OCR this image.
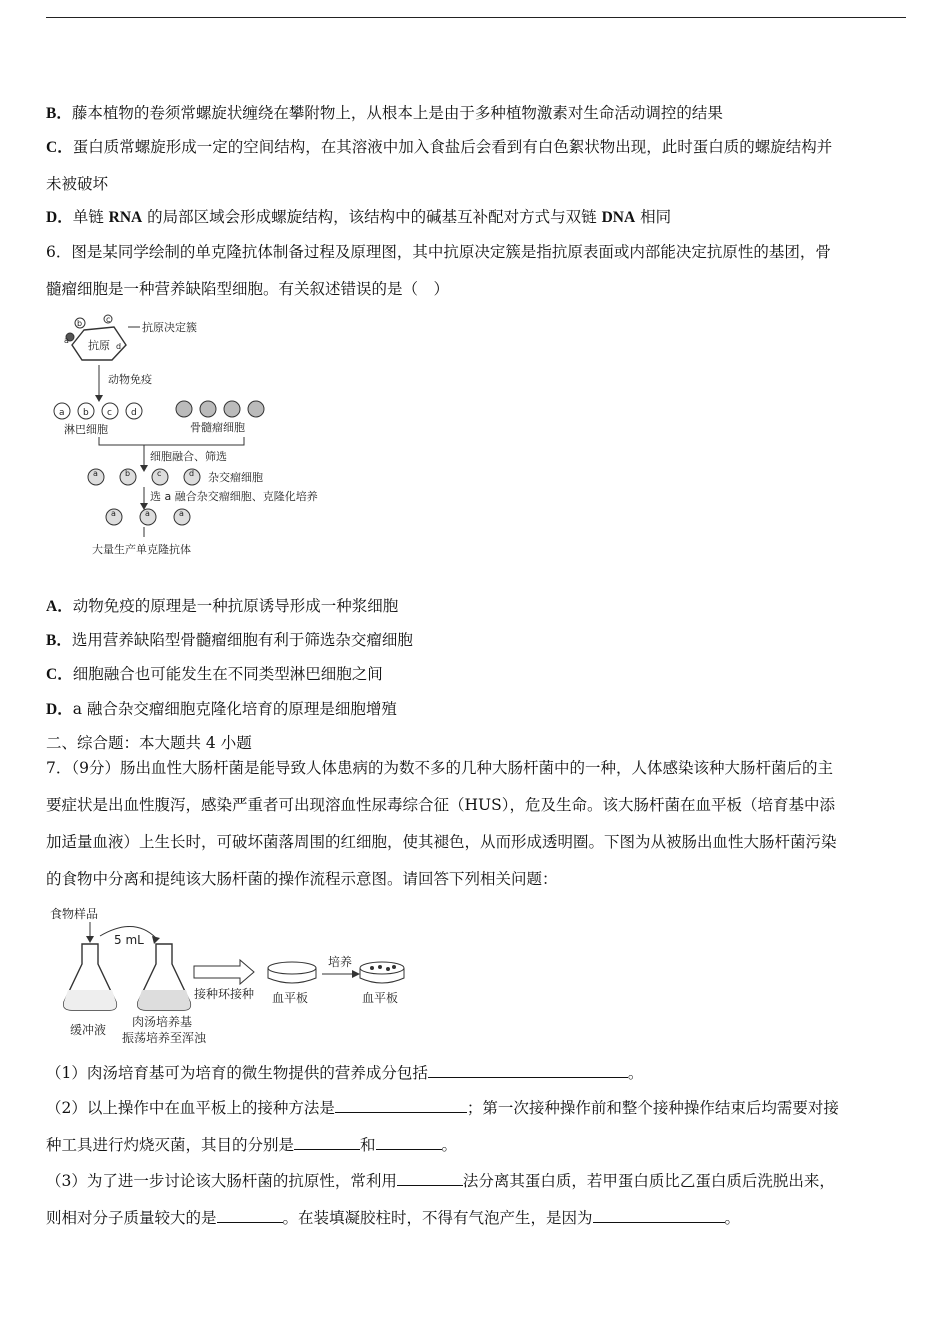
B．藤本植物的卷须常螺旋状缠绕在攀附物上，从根本上是由于多种植物激素对生命活动调控的结果
C．蛋白质常螺旋形成一定的空间结构，在其溶液中加入食盐后会看到有白色絮状物出现，此时蛋白质的螺旋结构并
未被破坏
D．单链 RNA 的局部区域会形成螺旋结构，该结构中的碱基互补配对方式与双链 DNA 相同
6．图是某同学绘制的单克隆抗体制备过程及原理图，其中抗原决定簇是指抗原表面或内部能决定抗原性的基团，骨
髓瘤细胞是一种营养缺陷型细胞。有关叙述错误的是（　）
抗原
b	c
a
d
抗原决定簇
动物免疫
a b c d
淋巴细胞	骨髓瘤细胞
细胞融合、筛选
a	b	c	d 杂交瘤细胞
选 a 融合杂交瘤细胞、克隆化培养
a	a	a
大量生产单克隆抗体
A．动物免疫的原理是一种抗原诱导形成一种浆细胞
B．选用营养缺陷型骨髓瘤细胞有利于筛选杂交瘤细胞
C．细胞融合也可能发生在不同类型淋巴细胞之间
D．a 融合杂交瘤细胞克隆化培育的原理是细胞增殖
二、综合题：本大题共 4 小题
7．（9分）肠出血性大肠杆菌是能导致人体患病的为数不多的几种大肠杆菌中的一种，人体感染该种大肠杆菌后的主
要症状是出血性腹泻，感染严重者可出现溶血性尿毒综合征（HUS），危及生命。该大肠杆菌在血平板（培育基中添
加适量血液）上生长时，可破坏菌落周围的红细胞，使其褪色，从而形成透明圈。下图为从被肠出血性大肠杆菌污染
的食物中分离和提纯该大肠杆菌的操作流程示意图。请回答下列相关问题：
食物样品
缓冲液
5 mL
肉汤培养基
振荡培养至浑浊
接种环接种 血平板
培养
血平板
（1）肉汤培育基可为培育的微生物提供的营养成分包括	。
（2）以上操作中在血平板上的接种方法是	；第一次接种操作前和整个接种操作结束后均需要对接
种工具进行灼烧灭菌，其目的分别是	和	。
（3）为了进一步讨论该大肠杆菌的抗原性，常利用	法分离其蛋白质，若甲蛋白质比乙蛋白质后洗脱出来，
则相对分子质量较大的是	。在装填凝胶柱时，不得有气泡产生，是因为	。
